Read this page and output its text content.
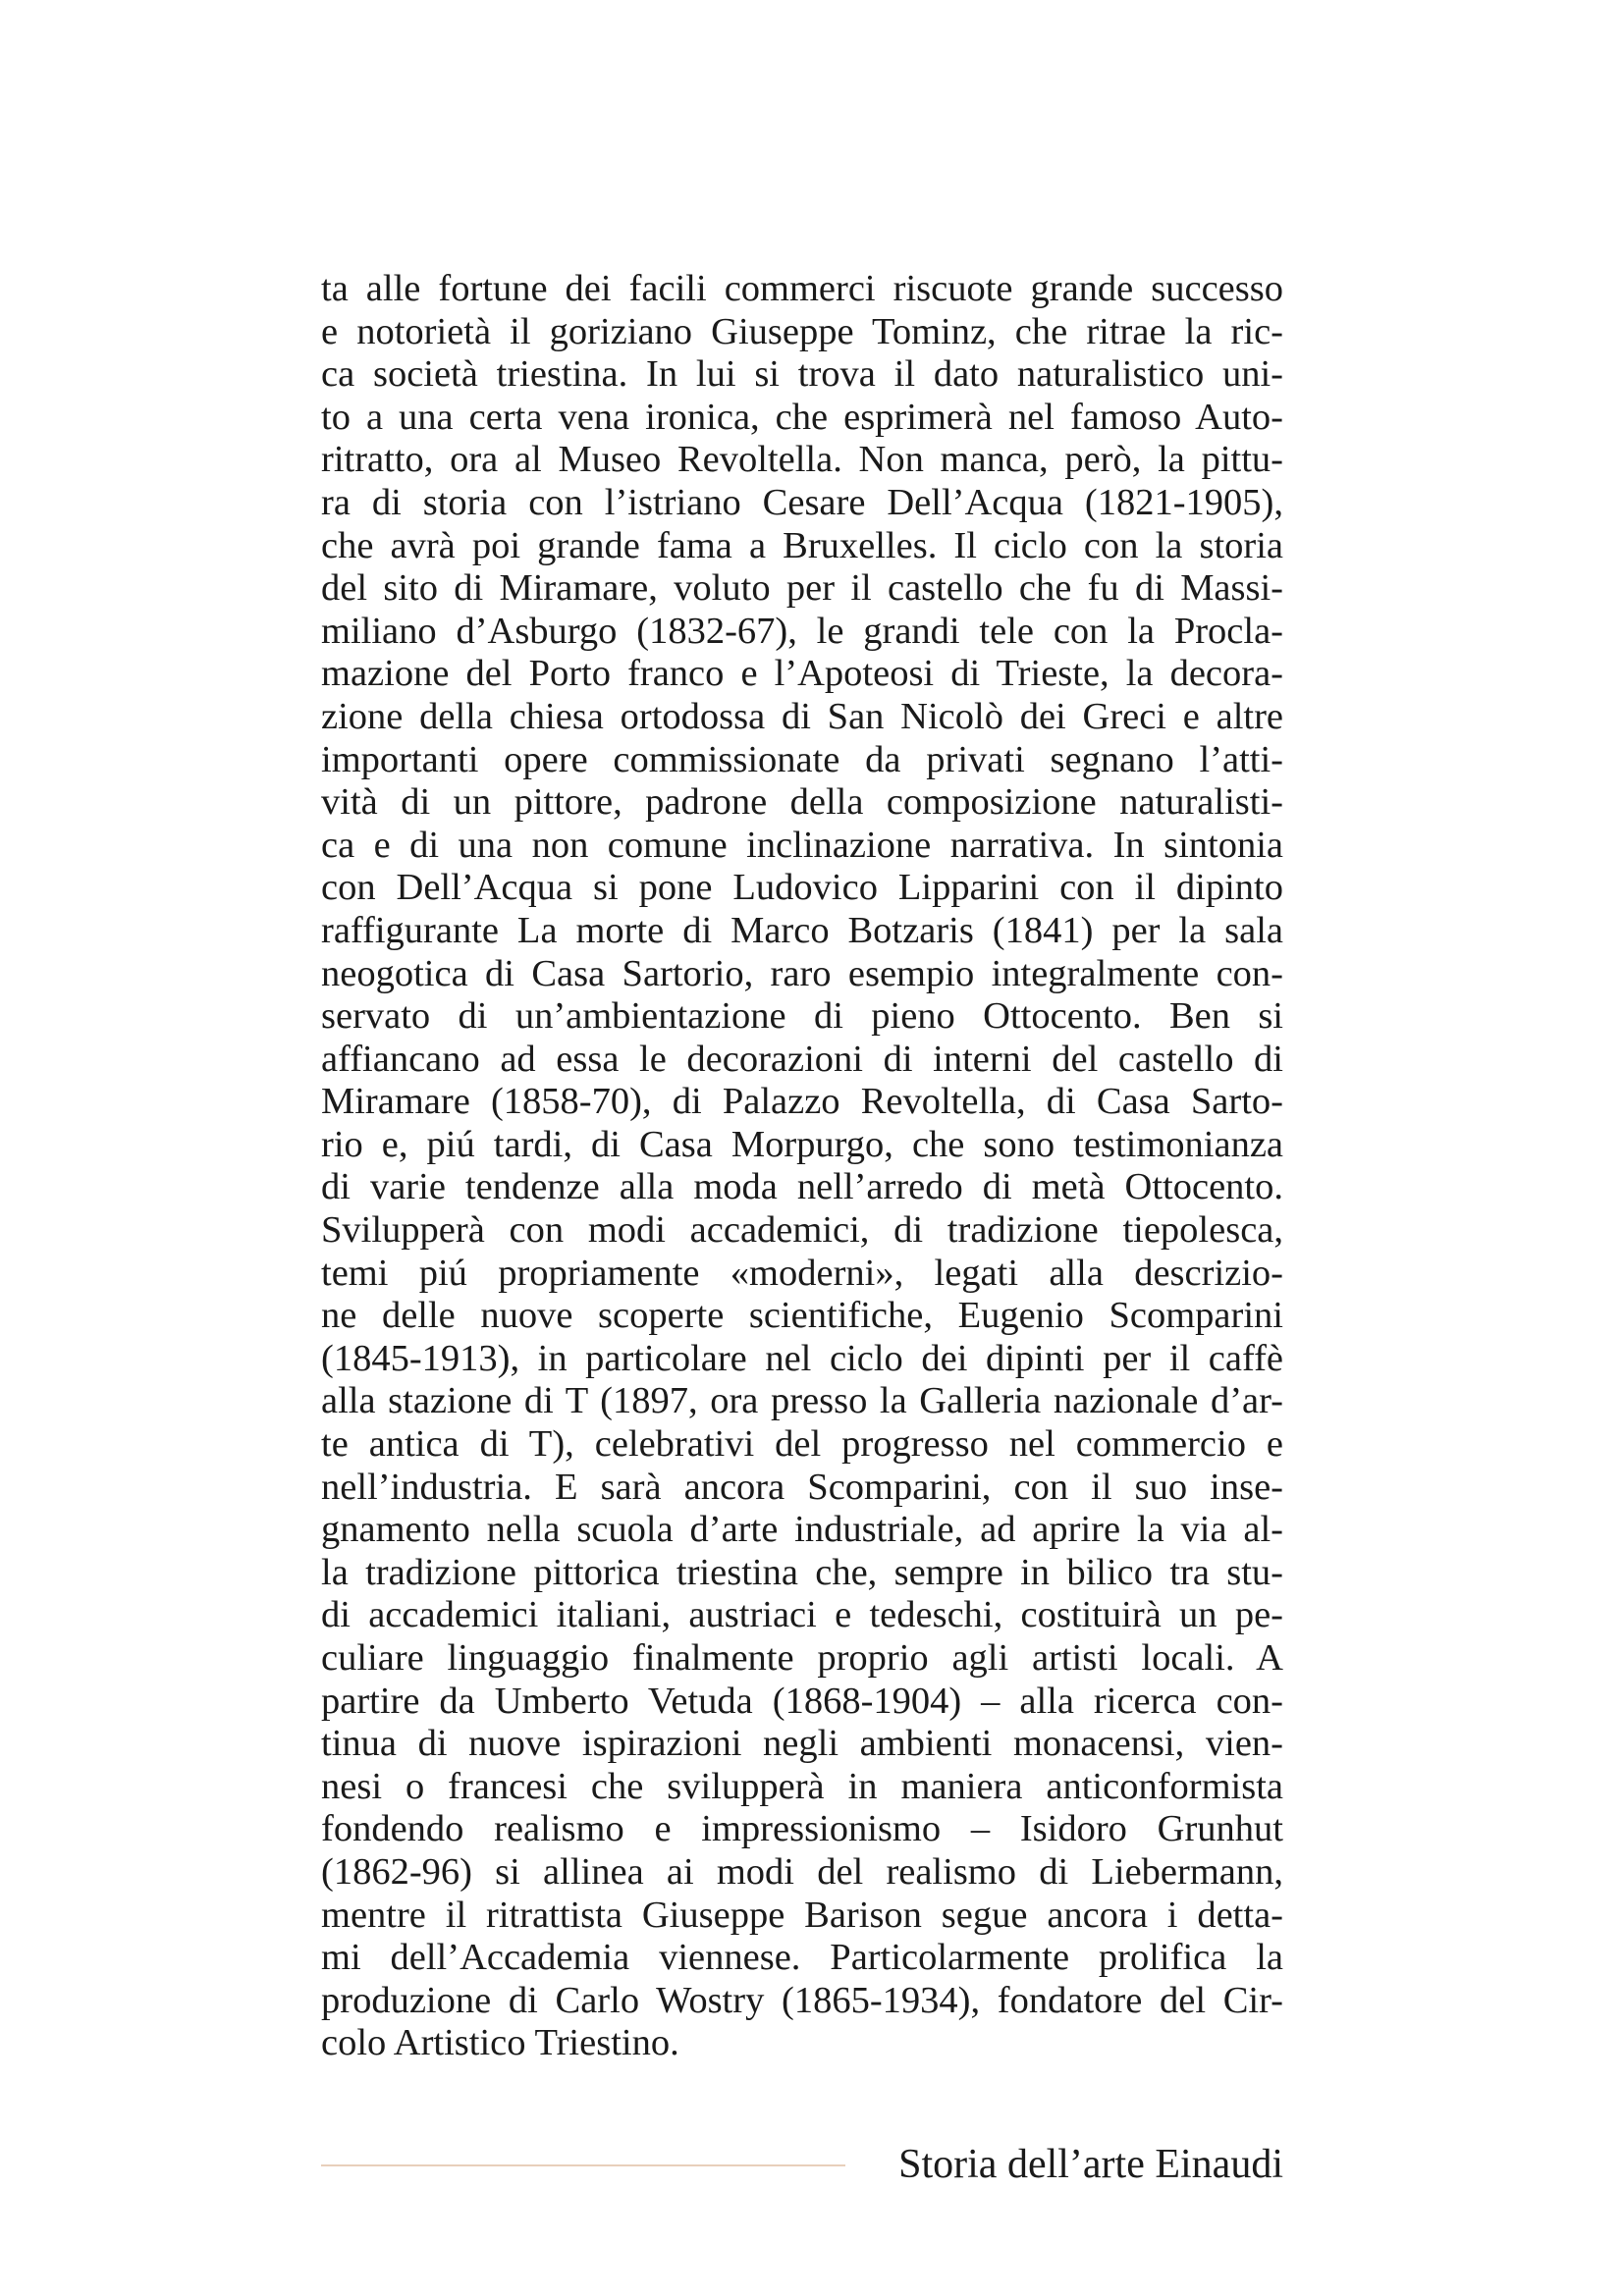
ta alle fortune dei facili commerci riscuote grande successo
e notorietà il goriziano Giuseppe Tominz, che ritrae la ric-
ca società triestina. In lui si trova il dato naturalistico uni-
to a una certa vena ironica, che esprimerà nel famoso Auto-
ritratto, ora al Museo Revoltella. Non manca, però, la pittu-
ra di storia con l’istriano Cesare Dell’Acqua (1821-1905),
che avrà poi grande fama a Bruxelles. Il ciclo con la storia
del sito di Miramare, voluto per il castello che fu di Massi-
miliano d’Asburgo (1832-67), le grandi tele con la Procla-
mazione del Porto franco e l’Apoteosi di Trieste, la decora-
zione della chiesa ortodossa di San Nicolò dei Greci e altre
importanti opere commissionate da privati segnano l’atti-
vità di un pittore, padrone della composizione naturalisti-
ca e di una non comune inclinazione narrativa. In sintonia
con Dell’Acqua si pone Ludovico Lipparini con il dipinto
raffigurante La morte di Marco Botzaris (1841) per la sala
neogotica di Casa Sartorio, raro esempio integralmente con-
servato di un’ambientazione di pieno Ottocento. Ben si
affiancano ad essa le decorazioni di interni del castello di
Miramare (1858-70), di Palazzo Revoltella, di Casa Sarto-
rio e, piú tardi, di Casa Morpurgo, che sono testimonianza
di varie tendenze alla moda nell’arredo di metà Ottocento.
Svilupperà con modi accademici, di tradizione tiepolesca,
temi piú propriamente «moderni», legati alla descrizio-
ne delle nuove scoperte scientifiche, Eugenio Scomparini
(1845-1913), in particolare nel ciclo dei dipinti per il caffè
alla stazione di T (1897, ora presso la Galleria nazionale d’ar-
te antica di T), celebrativi del progresso nel commercio e
nell’industria. E sarà ancora Scomparini, con il suo inse-
gnamento nella scuola d’arte industriale, ad aprire la via al-
la tradizione pittorica triestina che, sempre in bilico tra stu-
di accademici italiani, austriaci e tedeschi, costituirà un pe-
culiare linguaggio finalmente proprio agli artisti locali. A
partire da Umberto Vetuda (1868-1904) – alla ricerca con-
tinua di nuove ispirazioni negli ambienti monacensi, vien-
nesi o francesi che svilupperà in maniera anticonformista
fondendo realismo e impressionismo – Isidoro Grunhut
(1862-96) si allinea ai modi del realismo di Liebermann,
mentre il ritrattista Giuseppe Barison segue ancora i detta-
mi dell’Accademia viennese. Particolarmente prolifica la
produzione di Carlo Wostry (1865-1934), fondatore del Cir-
colo Artistico Triestino.
Storia dell’arte Einaudi
